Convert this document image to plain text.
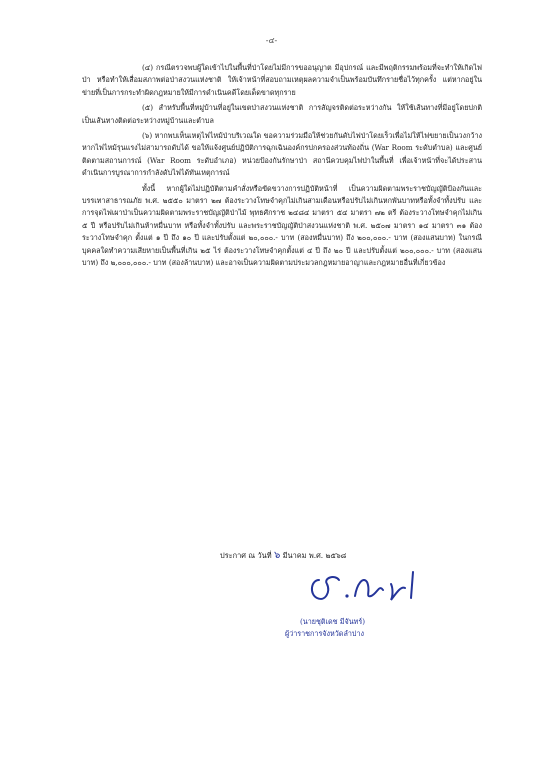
-๔-

(๔) กรณีตรวจพบผู้ใดเข้าไปในพื้นที่ป่าโดยไม่มีการขออนุญาต มีอุปกรณ์ และมีพฤติกรรมพร้อมที่จะทำให้เกิดไฟป่า หรือทำให้เสื่อมสภาพต่อป่าสงวนแห่งชาติ ให้เจ้าหน้าที่สอบถามเหตุผลความจำเป็นพร้อมบันทึกรายชื่อไว้ทุกครั้ง แต่หากอยู่ในข่ายที่เป็นการกระทำผิดกฎหมายให้มีการดำเนินคดีโดยเด็ดขาดทุกราย

(๕) สำหรับพื้นที่หมู่บ้านที่อยู่ในเขตป่าสงวนแห่งชาติ การสัญจรติดต่อระหว่างกัน ให้ใช้เส้นทางที่มีอยู่โดยปกติเป็นเส้นทางติดต่อระหว่างหมู่บ้านและตำบล

(๖) หากพบเห็นเหตุไฟไหม้ป่าบริเวณใด ขอความร่วมมือให้ช่วยกันดับไฟป่าโดยเร็วเพื่อไม่ให้ไฟขยายเป็นวงกว้าง หากไฟไหม้รุนแรงไม่สามารถดับได้ ขอให้แจ้งศูนย์ปฏิบัติการฉุกเฉินองค์กรปกครองส่วนท้องถิ่น (War Room ระดับตำบล) และศูนย์ติดตามสถานการณ์ (War Room ระดับอำเภอ) หน่วยป้องกันรักษาป่า สถานีควบคุมไฟป่าในพื้นที่ เพื่อเจ้าหน้าที่จะได้ประสานดำเนินการบูรณาการกำลังดับไฟได้ทันเหตุการณ์

ทั้งนี้ หากผู้ใดไม่ปฏิบัติตามคำสั่งหรือขัดขวางการปฏิบัติหน้าที่ เป็นความผิดตามพระราชบัญญัติป้องกันและบรรเทาสาธารณภัย พ.ศ. ๒๕๕๐ มาตรา ๒๗ ต้องระวางโทษจำคุกไม่เกินสามเดือนหรือปรับไม่เกินหกพันบาทหรือทั้งจำทั้งปรับ และการจุดไฟเผาป่าเป็นความผิดตามพระราชบัญญัติป่าไม้ พุทธศักราช ๒๔๘๔ มาตรา ๕๔ มาตรา ๗๒ ตรี ต้องระวางโทษจำคุกไม่เกิน ๕ ปี หรือปรับไม่เกินห้าหมื่นบาท หรือทั้งจำทั้งปรับ และพระราชบัญญัติป่าสงวนแห่งชาติ พ.ศ. ๒๕๐๗ มาตรา ๑๔ มาตรา ๓๑ ต้องระวางโทษจำคุก ตั้งแต่ ๑ ปี ถึง ๑๐ ปี และปรับตั้งแต่ ๒๐,๐๐๐.- บาท (สองหมื่นบาท) ถึง ๒๐๐,๐๐๐.- บาท (สองแสนบาท) ในกรณีบุคคลใดทำความเสียหายเป็นพื้นที่เกิน ๒๕ ไร่ ต้องระวางโทษจำคุกตั้งแต่ ๔ ปี ถึง ๒๐ ปี และปรับตั้งแต่ ๒๐๐,๐๐๐.- บาท (สองแสนบาท) ถึง ๒,๐๐๐,๐๐๐.- บาท (สองล้านบาท) และอาจเป็นความผิดตามประมวลกฎหมายอาญาและกฎหมายอื่นที่เกี่ยวข้อง

ประกาศ ณ วันที่ ๖ มีนาคม พ.ศ. ๒๕๖๘
(นายชุติเดช มีจันทร์)
ผู้ว่าราชการจังหวัดลำปาง
